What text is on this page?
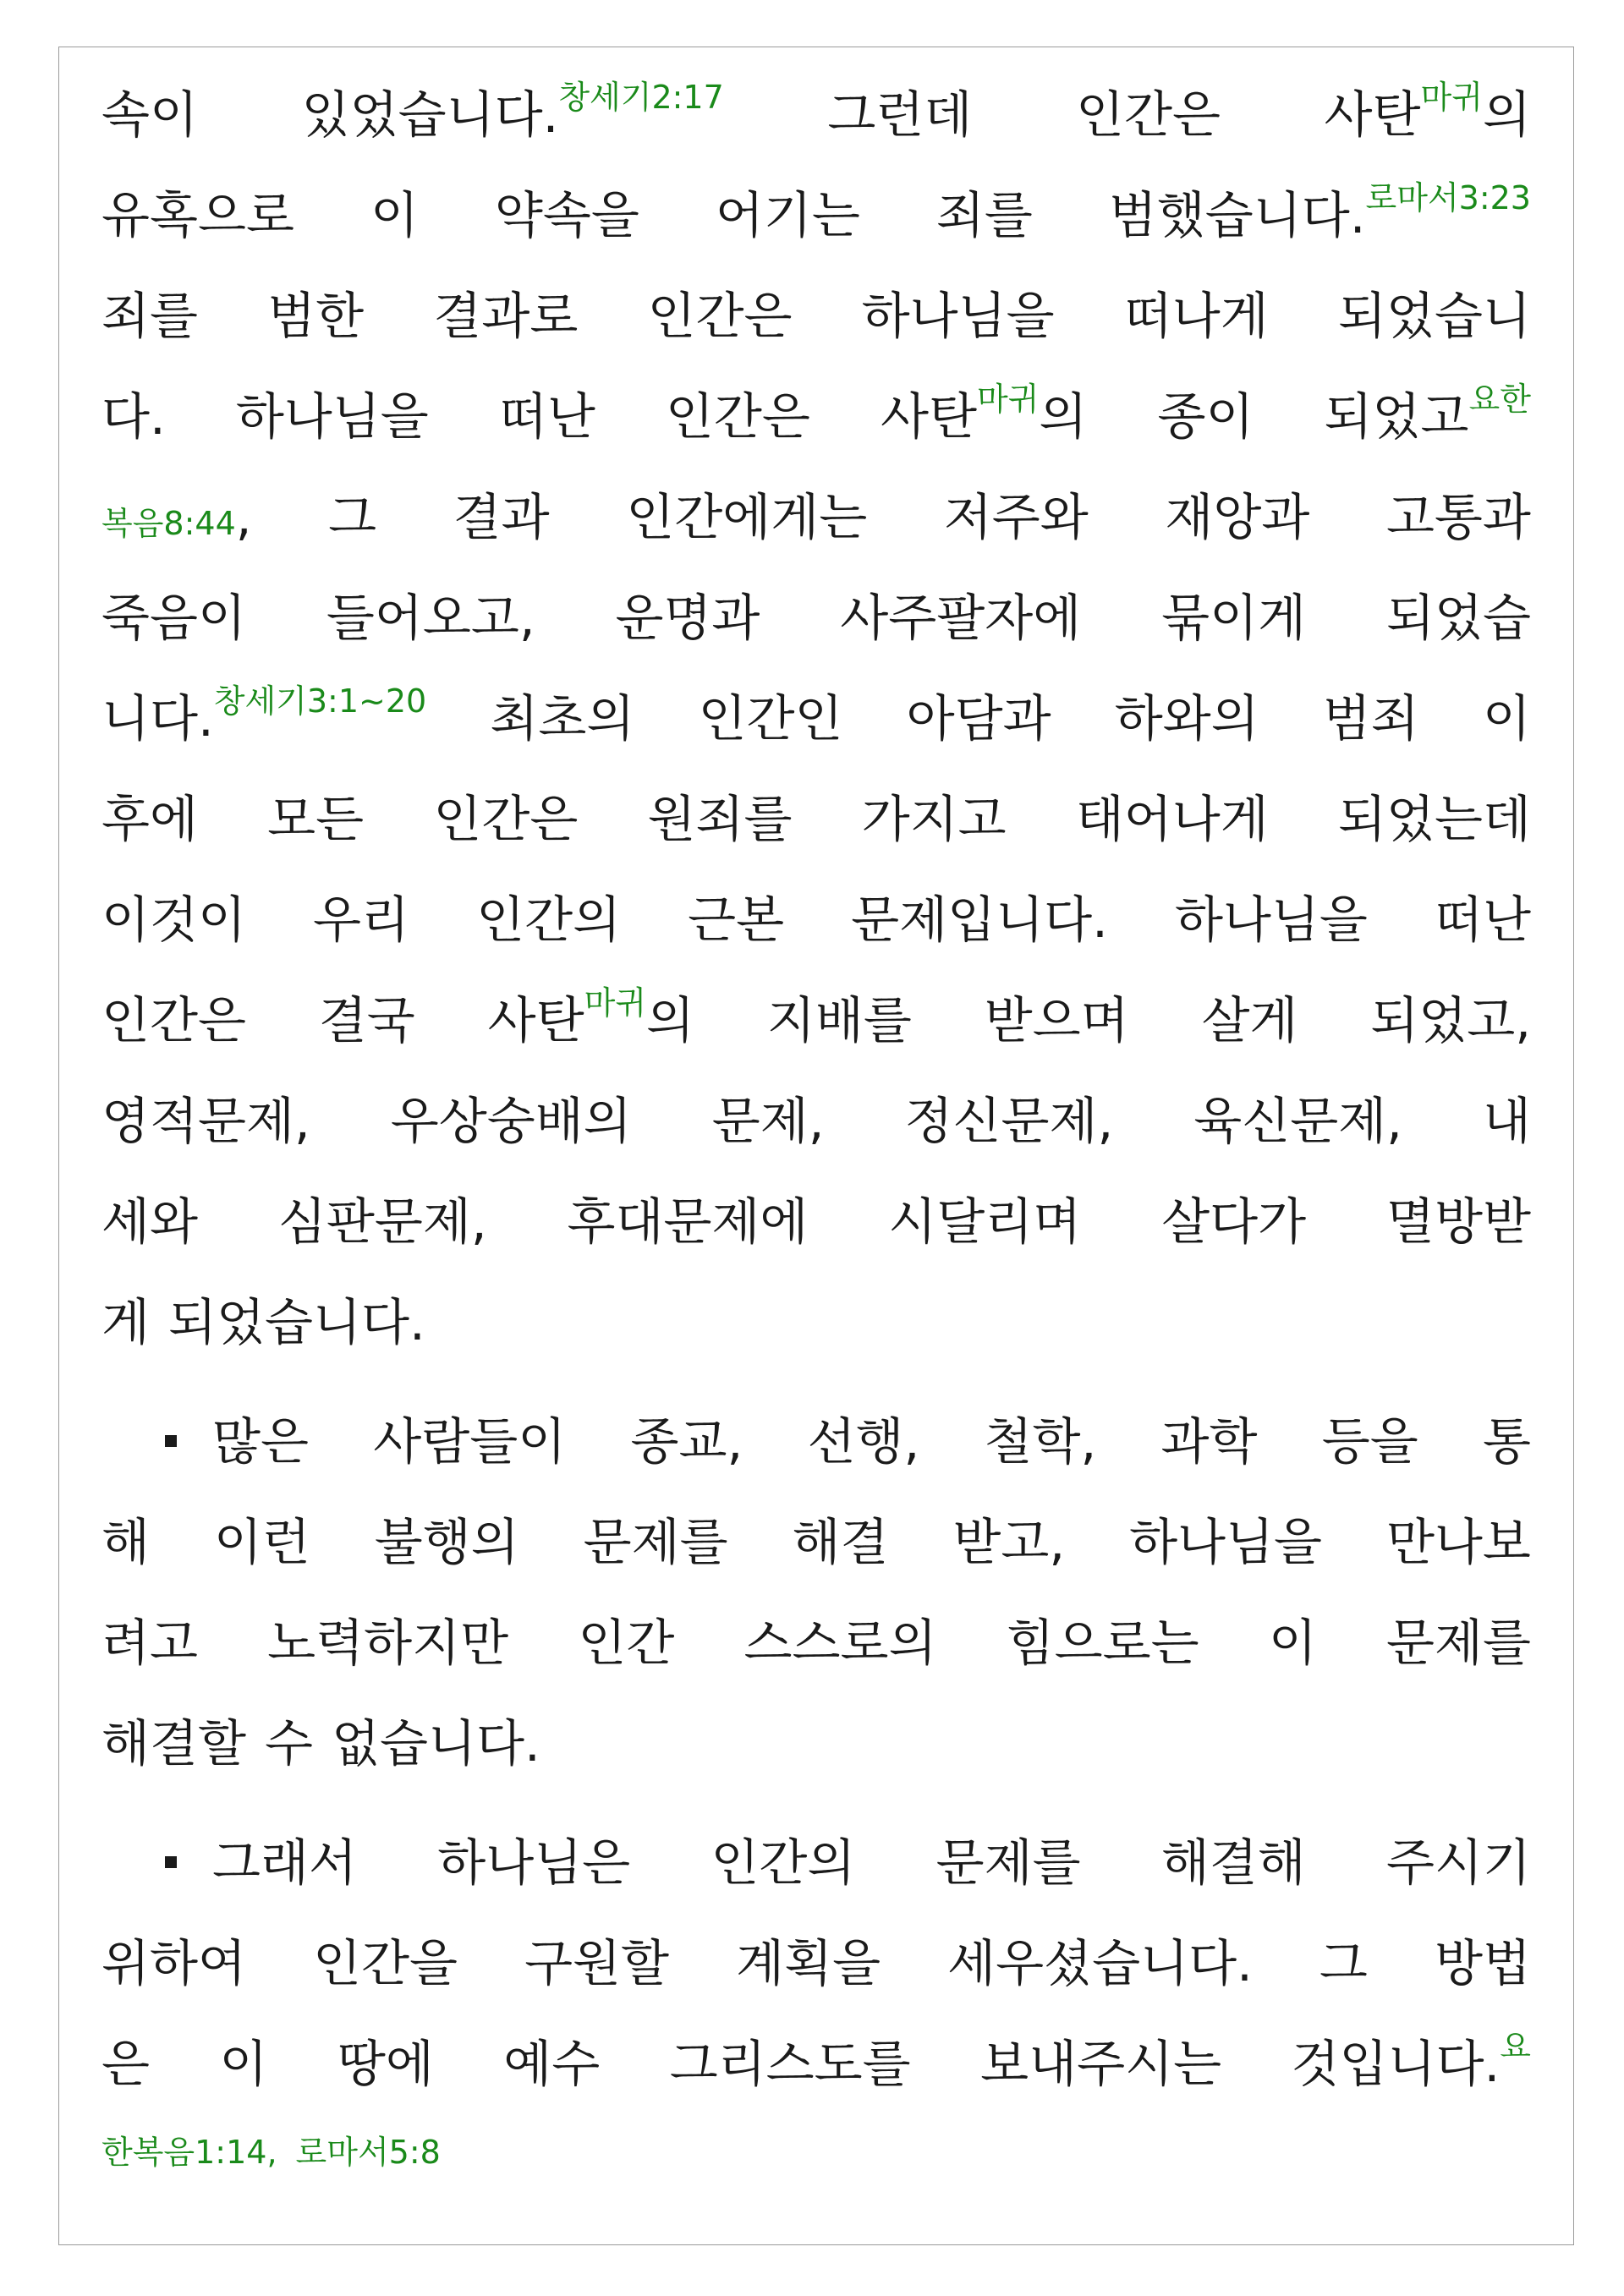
속이 있었습니다.$^{창세기2:17}$ 그런데 인간은 사탄$^{마귀}$의
유혹으로 이 약속을 어기는 죄를 범했습니다.$^{로마서3:23}$
죄를 범한 결과로 인간은 하나님을 떠나게 되었습니
다. 하나님을 떠난 인간은 사탄$^{마귀}$의 종이 되었고$^{요한}$
복음8:44, 그 결과 인간에게는 저주와 재앙과 고통과
죽음이 들어오고, 운명과 사주팔자에 묶이게 되었습
니다.$^{창세기3:1\sim 20}$ 최초의 인간인 아담과 하와의 범죄 이
후에 모든 인간은 원죄를 가지고 태어나게 되었는데
이것이 우리 인간의 근본 문제입니다. 하나님을 떠난
인간은 결국 사탄$^{마귀}$의 지배를 받으며 살게 되었고,
영적문제, 우상숭배의 문제, 정신문제, 육신문제, 내
세와 심판문제, 후대문제에 시달리며 살다가 멸방받
게 되었습니다.
많은 사람들이 종교, 선행, 철학, 과학 등을 통
해 이런 불행의 문제를 해결 받고, 하나님을 만나보
려고 노력하지만 인간 스스로의 힘으로는 이 문제를
해결할 수 없습니다.
그래서 하나님은 인간의 문제를 해결해 주시기
위하여 인간을 구원할 계획을 세우셨습니다. 그 방법
은 이 땅에 예수 그리스도를 보내주시는 것입니다.$^요$
한복음1:14, 로마서5:8
